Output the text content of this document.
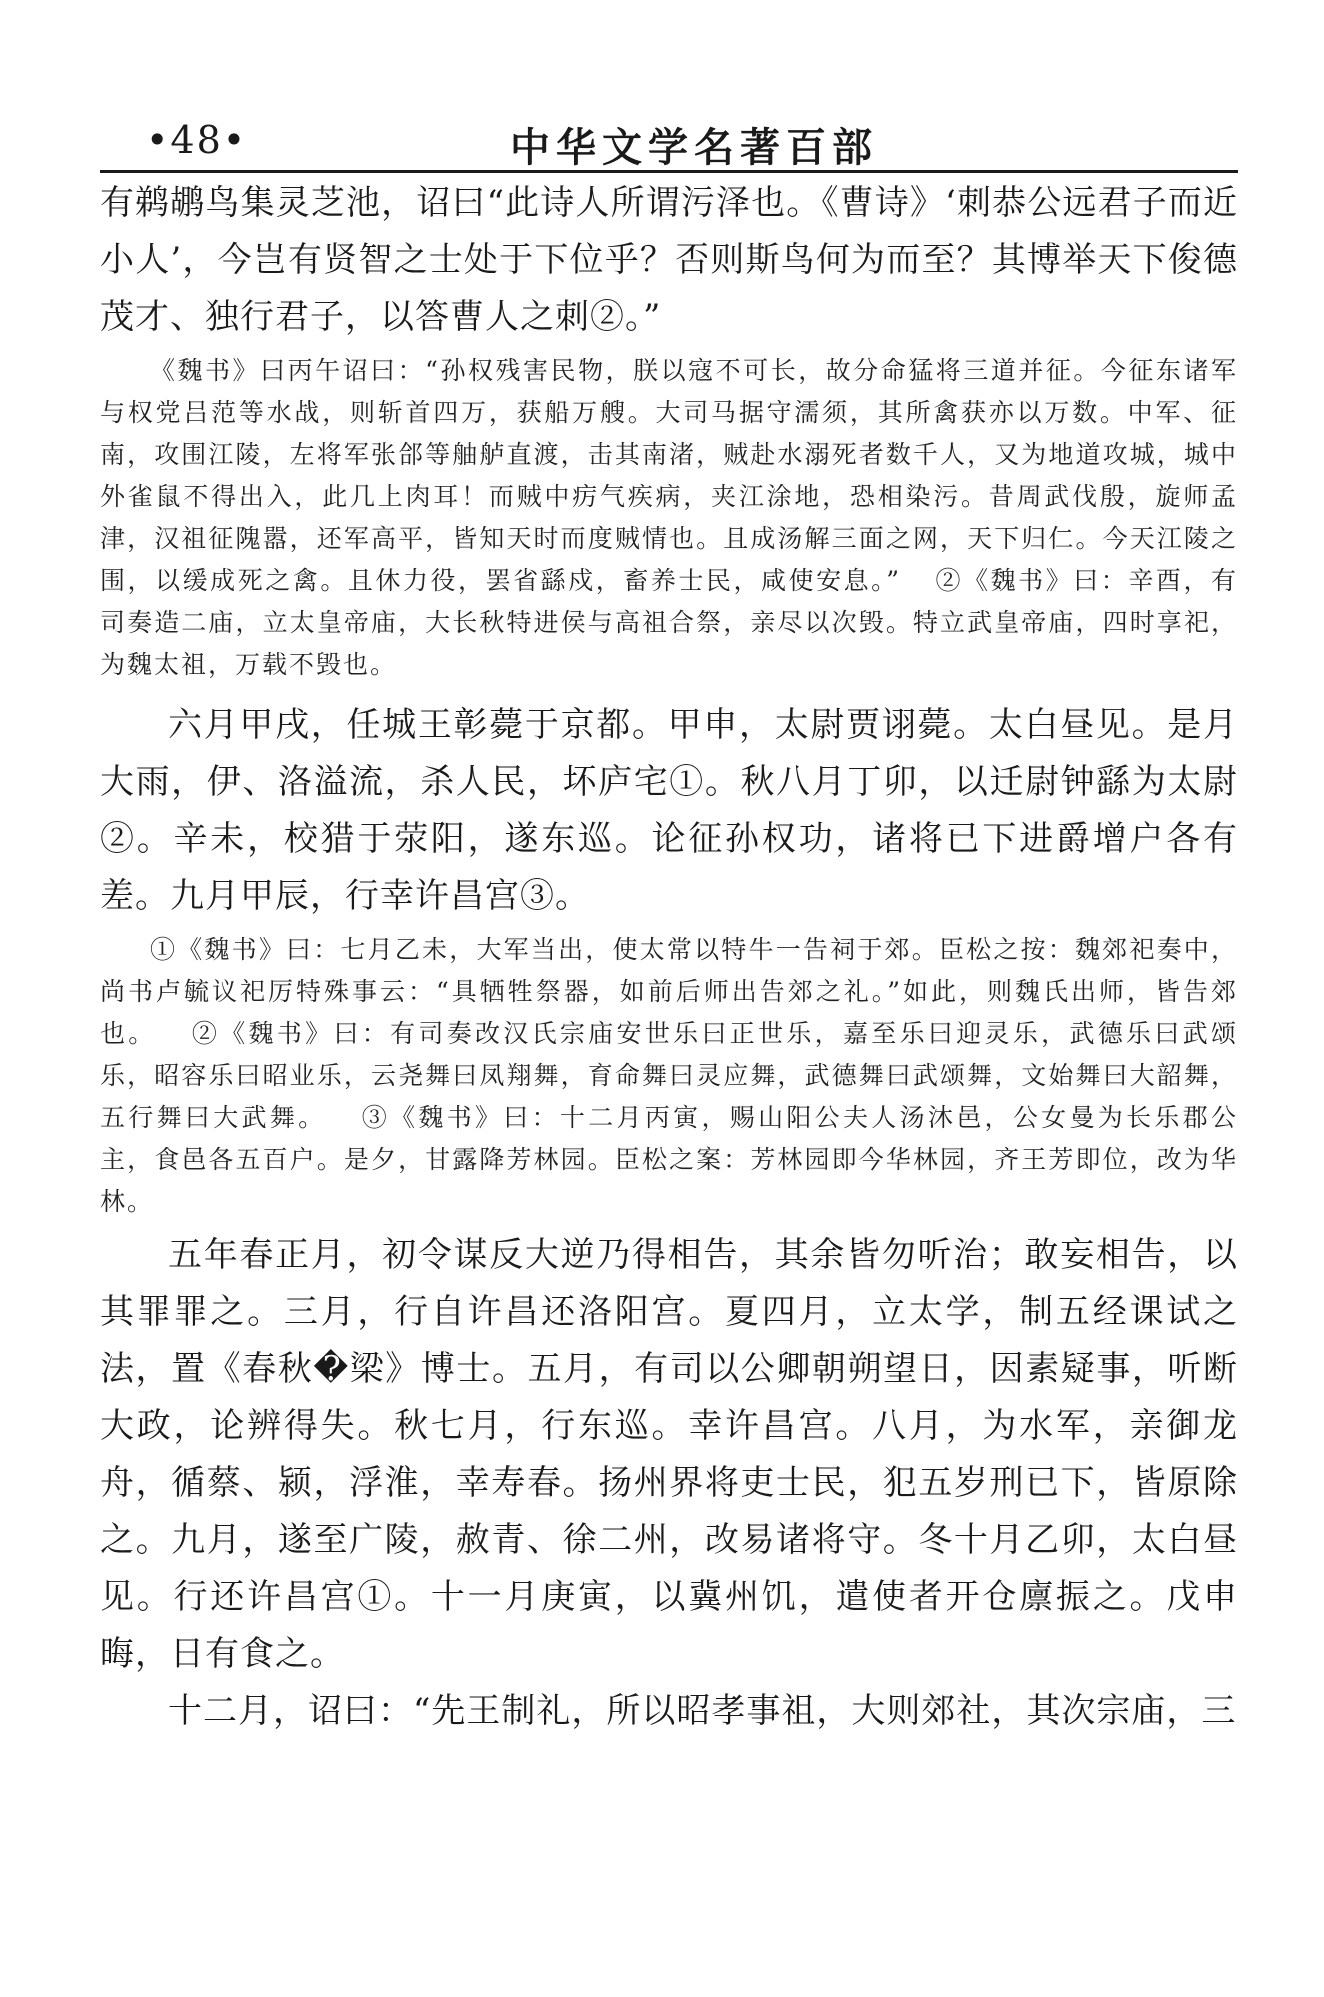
•48•	中华文学名著百部

有鹈鹕鸟集灵芝池，诏曰“此诗人所谓污泽也。《曹诗》‘刺恭公远君子而近小人’，今岂有贤智之士处于下位乎？否则斯鸟何为而至？其博举天下俊德茂才、独行君子，以答曹人之刺②。”

《魏书》曰丙午诏曰：“孙权残害民物，朕以寇不可长，故分命猛将三道并征。今征东诸军与权党吕范等水战，则斩首四万，获船万艘。大司马据守濡须，其所禽获亦以万数。中军、征南，攻围江陵，左将军张郃等舳舻直渡，击其南渚，贼赴水溺死者数千人，又为地道攻城，城中外雀鼠不得出入，此几上肉耳！而贼中疠气疾病，夹江涂地，恐相染污。昔周武伐殷，旋师孟津，汉祖征隗嚣，还军高平，皆知天时而度贼情也。且成汤解三面之网，天下归仁。今天江陵之围，以缓成死之禽。且休力役，罢省繇戍，畜养士民，咸使安息。” ②《魏书》曰：辛酉，有司奏造二庙，立太皇帝庙，大长秋特进侯与高祖合祭，亲尽以次毁。特立武皇帝庙，四时享祀，为魏太祖，万载不毁也。

六月甲戌，任城王彰薨于京都。甲申，太尉贾诩薨。太白昼见。是月大雨，伊、洛溢流，杀人民，坏庐宅①。秋八月丁卯，以迁尉钟繇为太尉②。辛未，校猎于荥阳，遂东巡。论征孙权功，诸将已下进爵增户各有差。九月甲辰，行幸许昌宫③。

①《魏书》曰：七月乙未，大军当出，使太常以特牛一告祠于郊。臣松之按：魏郊祀奏中，尚书卢毓议祀厉特殊事云：“具牺牲祭器，如前后师出告郊之礼。”如此，则魏氏出师，皆告郊也。 ②《魏书》曰：有司奏改汉氏宗庙安世乐曰正世乐，嘉至乐曰迎灵乐，武德乐曰武颂乐，昭容乐曰昭业乐，云尧舞曰凤翔舞，育命舞曰灵应舞，武德舞曰武颂舞，文始舞曰大韶舞，五行舞曰大武舞。 ③《魏书》曰：十二月丙寅，赐山阳公夫人汤沐邑，公女曼为长乐郡公主，食邑各五百户。是夕，甘露降芳林园。臣松之案：芳林园即今华林园，齐王芳即位，改为华林。

五年春正月，初令谋反大逆乃得相告，其余皆勿听治；敢妄相告，以其罪罪之。三月，行自许昌还洛阳宫。夏四月，立太学，制五经课试之法，置《春秋�梁》博士。五月，有司以公卿朝朔望日，因素疑事，听断大政，论辨得失。秋七月，行东巡。幸许昌宫。八月，为水军，亲御龙舟，循蔡、颍，浮淮，幸寿春。扬州界将吏士民，犯五岁刑已下，皆原除之。九月，遂至广陵，赦青、徐二州，改易诸将守。冬十月乙卯，太白昼见。行还许昌宫①。十一月庚寅，以冀州饥，遣使者开仓廪振之。戊申晦，日有食之。

十二月，诏曰：“先王制礼，所以昭孝事祖，大则郊社，其次宗庙，三
